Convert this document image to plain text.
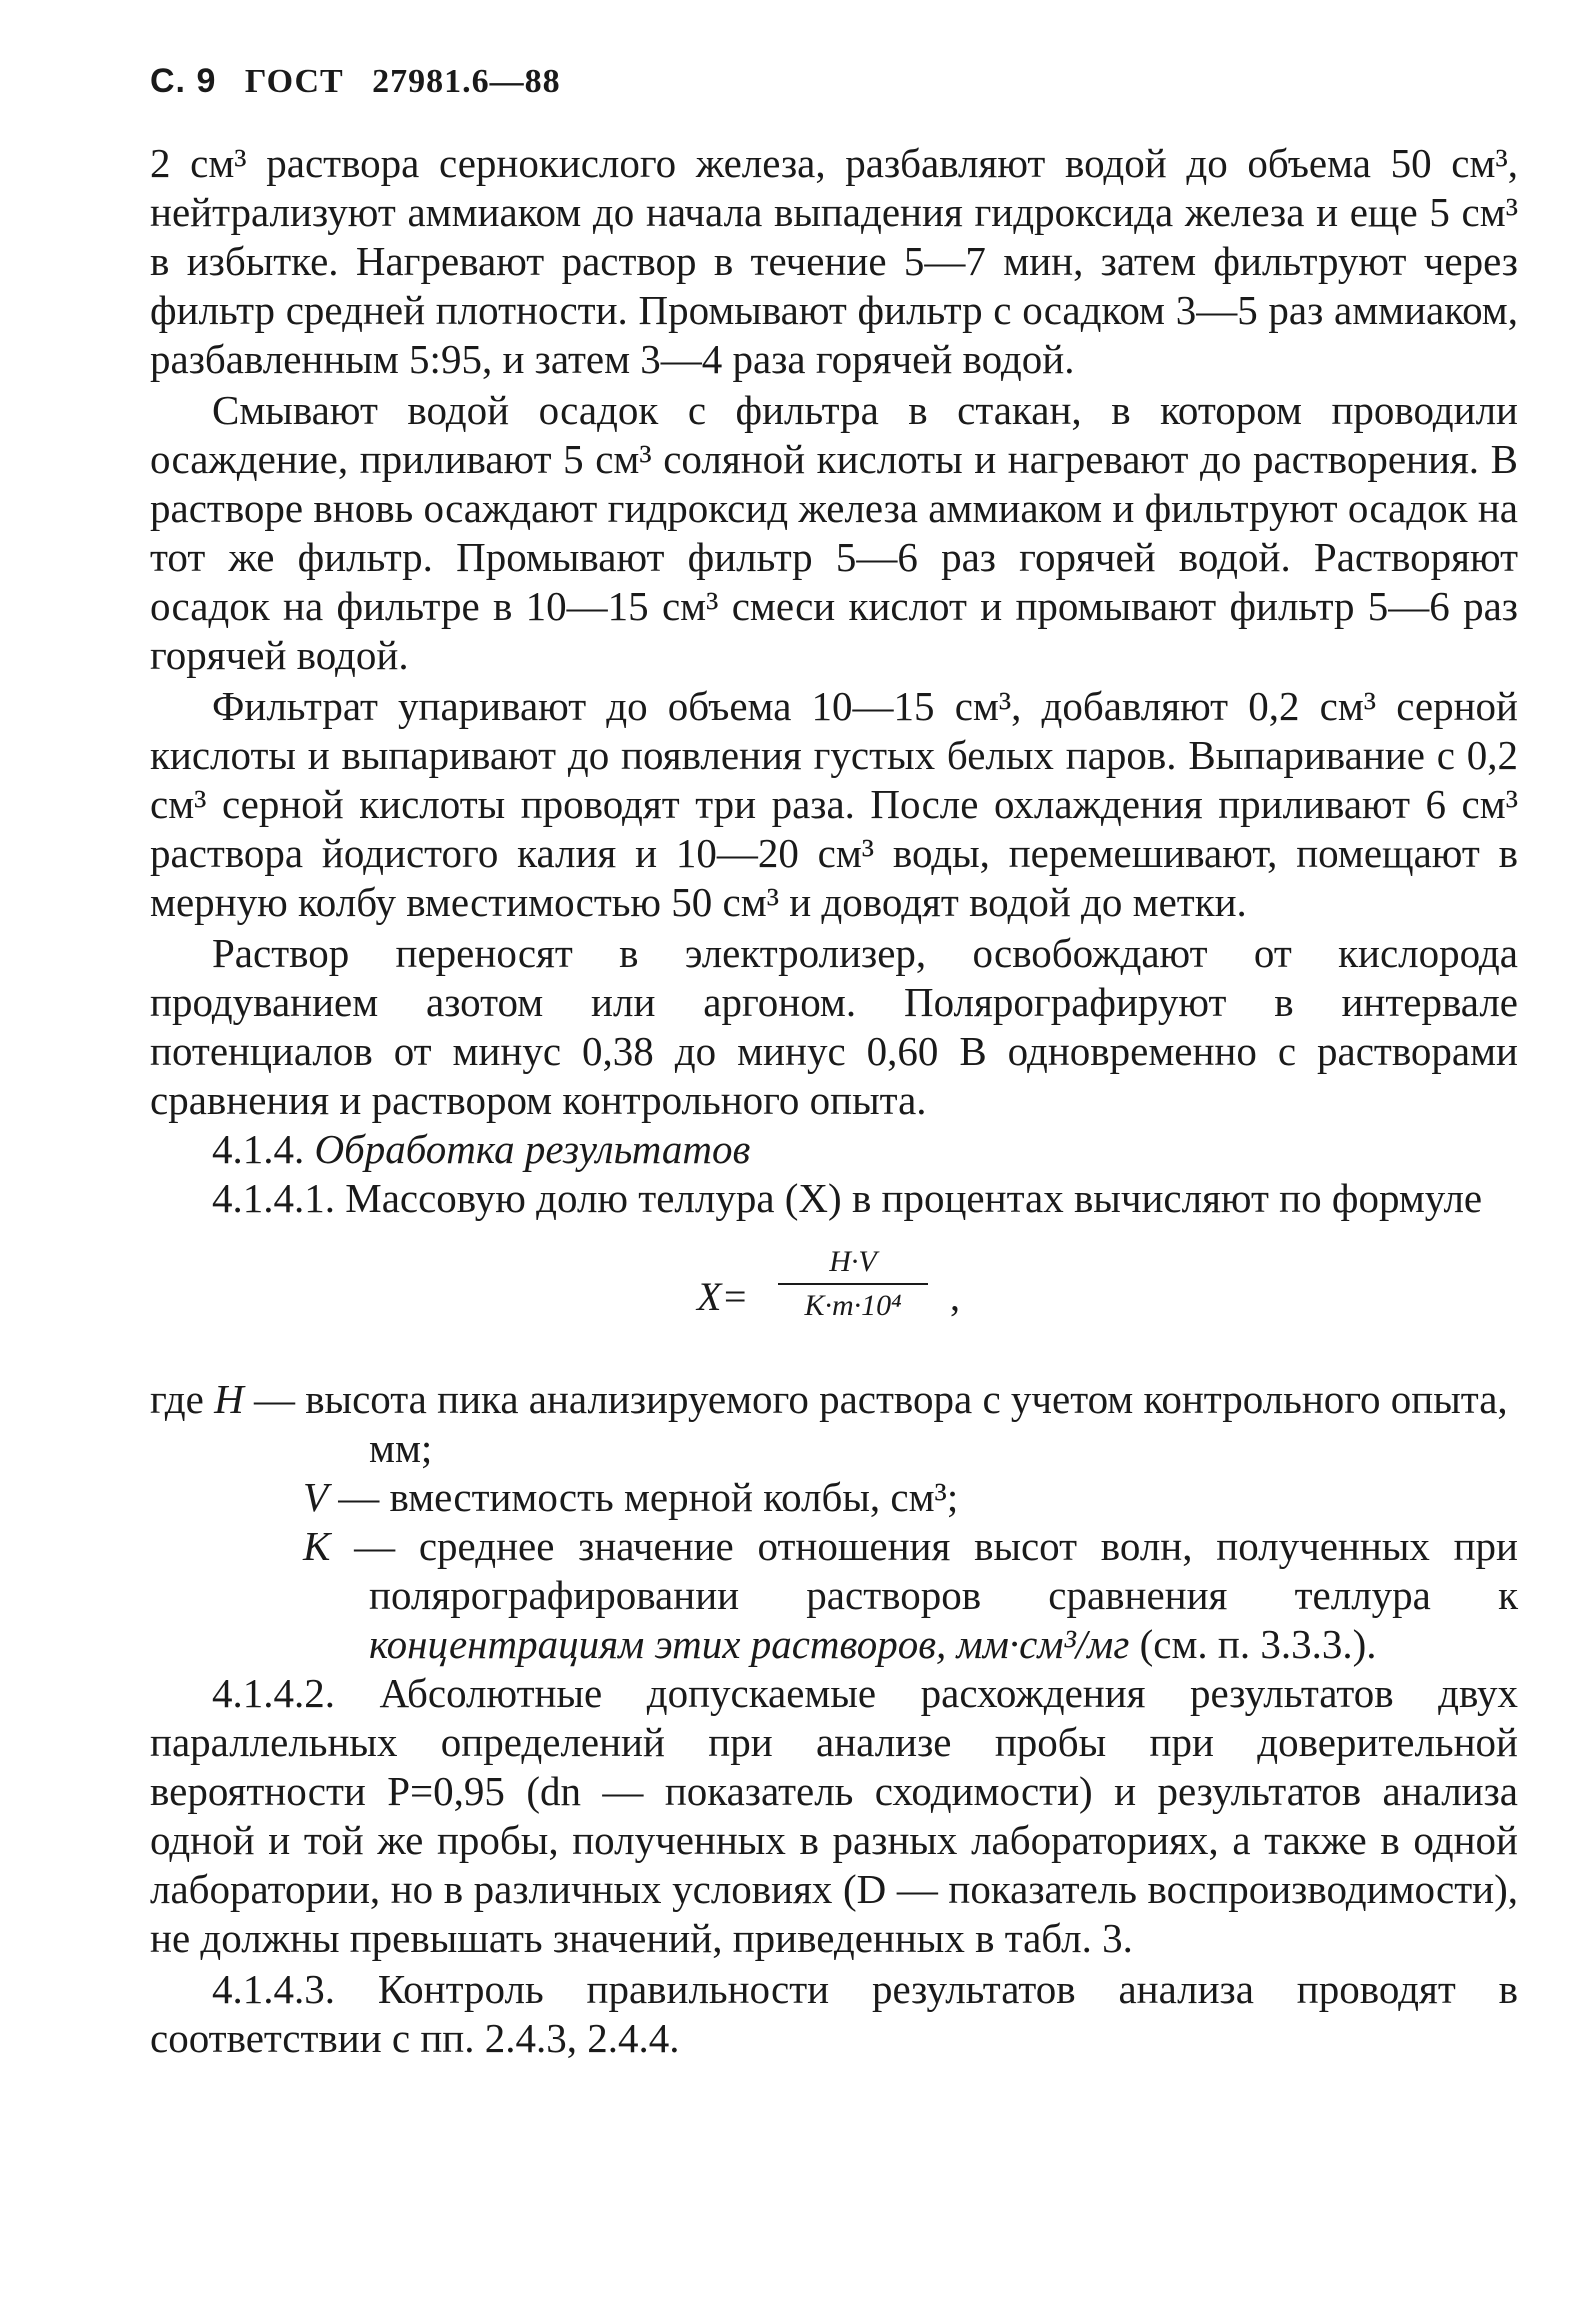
С. 9 ГОСТ 27981.6—88

2 см³ раствора сернокислого железа, разбавляют водой до объема 50 см³, нейтрализуют аммиаком до начала выпадения гидроксида железа и еще 5 см³ в избытке. Нагревают раствор в течение 5—7 мин, затем фильтруют через фильтр средней плотности. Промывают фильтр с осадком 3—5 раз аммиаком, разбавленным 5:95, и затем 3—4 раза горячей водой.

Смывают водой осадок с фильтра в стакан, в котором проводили осаждение, приливают 5 см³ соляной кислоты и нагревают до растворения. В растворе вновь осаждают гидроксид железа аммиаком и фильтруют осадок на тот же фильтр. Промывают фильтр 5—6 раз горячей водой. Растворяют осадок на фильтре в 10—15 см³ смеси кислот и промывают фильтр 5—6 раз горячей водой.

Фильтрат упаривают до объема 10—15 см³, добавляют 0,2 см³ серной кислоты и выпаривают до появления густых белых паров. Выпаривание с 0,2 см³ серной кислоты проводят три раза. После охлаждения приливают 6 см³ раствора йодистого калия и 10—20 см³ воды, перемешивают, помещают в мерную колбу вместимостью 50 см³ и доводят водой до метки.

Раствор переносят в электролизер, освобождают от кислорода продуванием азотом или аргоном. Полярографируют в интервале потенциалов от минус 0,38 до минус 0,60 В одновременно с растворами сравнения и раствором контрольного опыта.

4.1.4. Обработка результатов

4.1.4.1. Массовую долю теллура (X) в процентах вычисляют по формуле

$X= \frac{H\cdot V}{\text{K·m·10⁴}}$ ,
где H — высота пика анализируемого раствора с учетом контрольного опыта, мм;
V — вместимость мерной колбы, см³;
K — среднее значение отношения высот волн, полученных при полярографировании растворов сравнения теллура к концентрациям этих растворов, мм·см³/мг (см. п. 3.3.3.).

4.1.4.2. Абсолютные допускаемые расхождения результатов двух параллельных определений при анализе пробы при доверительной вероятности P=0,95 (dn — показатель сходимости) и результатов анализа одной и той же пробы, полученных в разных лабораториях, а также в одной лаборатории, но в различных условиях (D — показатель воспроизводимости), не должны превышать значений, приведенных в табл. 3.

4.1.4.3. Контроль правильности результатов анализа проводят в соответствии с пп. 2.4.3, 2.4.4.
